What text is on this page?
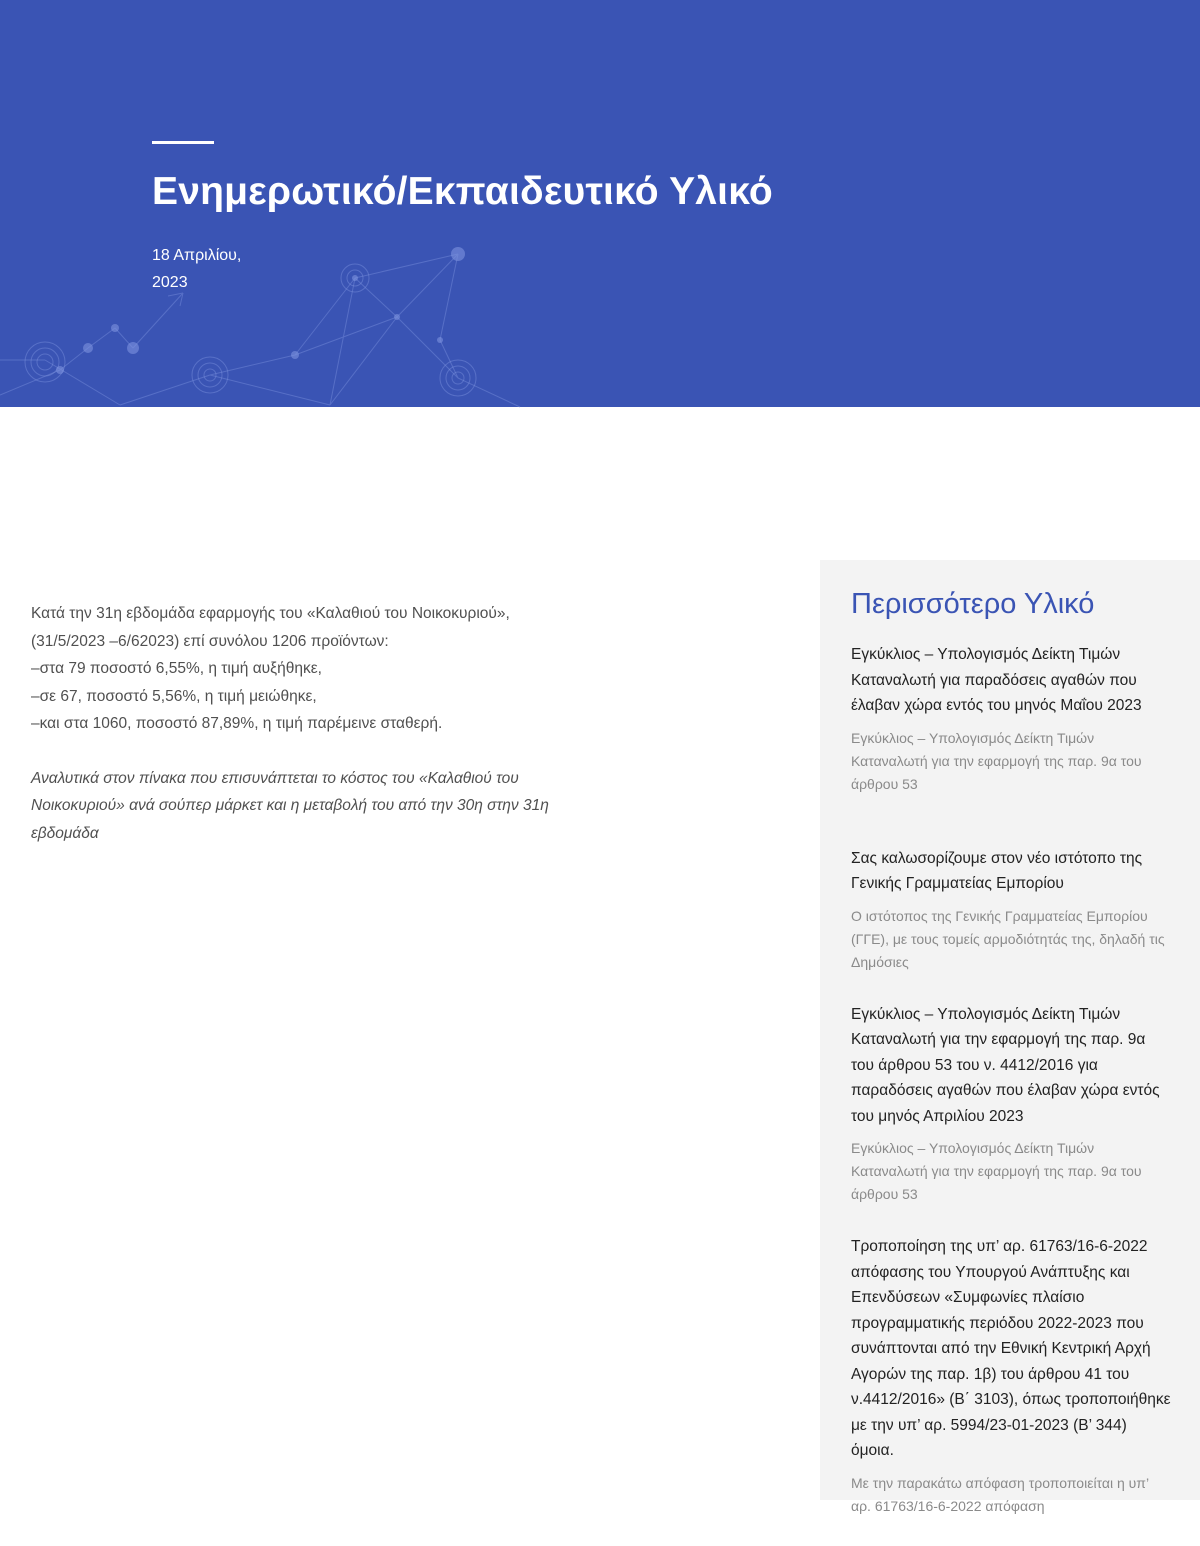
Ενημερωτικό/Εκπαιδευτικό Υλικό
18 Απριλίου,
2023

Κατά την 31η εβδομάδα εφαρμογής του «Καλαθιού του Νοικοκυριού»,
(31/5/2023 –6/62023) επί συνόλου 1206 προϊόντων:
–στα 79 ποσοστό 6,55%, η τιμή αυξήθηκε,
–σε 67, ποσοστό 5,56%, η τιμή μειώθηκε,
–και στα 1060, ποσοστό 87,89%, η τιμή παρέμεινε σταθερή.

Αναλυτικά στον πίνακα που επισυνάπτεται το κόστος του «Καλαθιού του Νοικοκυριού» ανά σούπερ μάρκετ και η μεταβολή του από την 30η στην 31η εβδομάδα

Περισσότερο Υλικό
Εγκύκλιος – Υπολογισμός Δείκτη Τιμών Καταναλωτή για παραδόσεις αγαθών που έλαβαν χώρα εντός του μηνός Μαΐου 2023
Εγκύκλιος – Υπολογισμός Δείκτη Τιμών Καταναλωτή για την εφαρμογή της παρ. 9α του άρθρου 53
Σας καλωσορίζουμε στον νέο ιστότοπο της Γενικής Γραμματείας Εμπορίου
Ο ιστότοπος της Γενικής Γραμματείας Εμπορίου (ΓΓΕ), με τους τομείς αρμοδιότητάς της, δηλαδή τις Δημόσιες
Εγκύκλιος – Υπολογισμός Δείκτη Τιμών Καταναλωτή για την εφαρμογή της παρ. 9α του άρθρου 53 του ν. 4412/2016 για παραδόσεις αγαθών που έλαβαν χώρα εντός του μηνός Απριλίου 2023
Εγκύκλιος – Υπολογισμός Δείκτη Τιμών Καταναλωτή για την εφαρμογή της παρ. 9α του άρθρου 53
Τροποποίηση της υπ’ αρ. 61763/16-6-2022 απόφασης του Υπουργού Ανάπτυξης και Επενδύσεων «Συμφωνίες πλαίσιο προγραμματικής περιόδου 2022-2023 που συνάπτονται από την Εθνική Κεντρική Αρχή Αγορών της παρ. 1β) του άρθρου 41 του ν.4412/2016» (Β΄ 3103), όπως τροποποιήθηκε με την υπ’ αρ. 5994/23-01-2023 (Β’ 344) όμοια.
Με την παρακάτω απόφαση τροποποιείται η υπ’ αρ. 61763/16-6-2022 απόφαση
